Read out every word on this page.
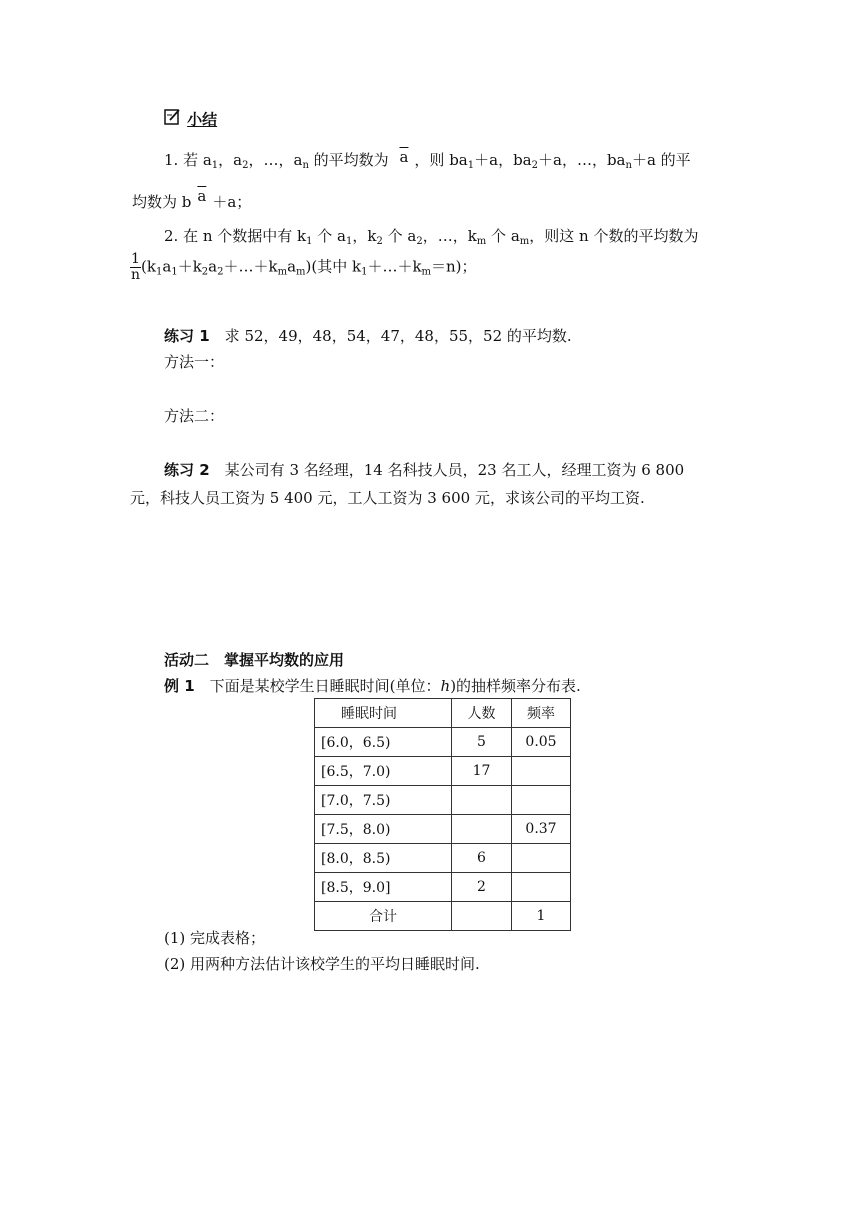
小结
1. 若 $a_1$，$a_2$，…，$a_n$ 的平均数为 $\overline{a}$ ，则 $ba_1+a$，$ba_2+a$，…，$ba_n+a$ 的平
均数为 b $\overline{a} +a$；
2. 在 n 个数据中有 $k_1$ 个 $a_1$，$k_2$ 个 $a_2$，…，$k_m$ 个 $a_m$，则这 n 个数的平均数为
$\frac{1}{n}$ $(k_1a_1+k_2a_2+\dots+k_ma_m)$(其中 $k_1+\dots+k_m=n$)；
练习 1　求 52，49，48，54，47，48，55，52 的平均数.
方法一：
方法二：
练习 2　某公司有 3 名经理，14 名科技人员，23 名工人，经理工资为 6 800
元，科技人员工资为 5 400 元，工人工资为 3 600 元，求该公司的平均工资.
活动二　掌握平均数的应用
例 1　下面是某校学生日睡眠时间(单位：h)的抽样频率分布表.
睡眠时间	人数	频率
[6.0，6.5)	5	0.05
[6.5，7.0)	17	
[7.0，7.5)		
[7.5，8.0)		0.37
[8.0，8.5)	6	
[8.5，9.0]	2	
合计		1
(1) 完成表格；
(2) 用两种方法估计该校学生的平均日睡眠时间.
